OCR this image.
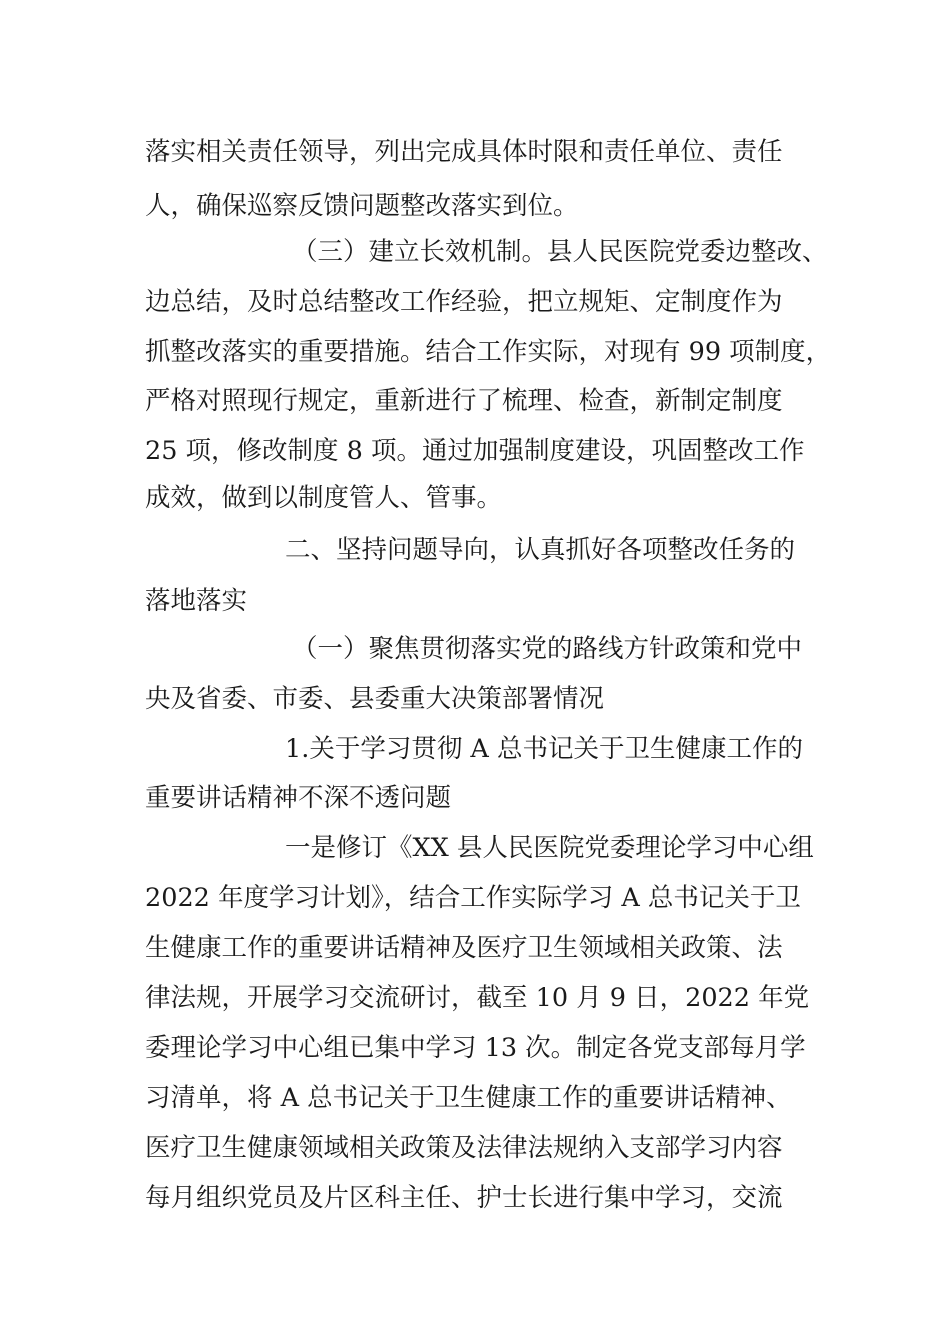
落实相关责任领导，列出完成具体时限和责任单位、责任

人，确保巡察反馈问题整改落实到位。

（三）建立长效机制。县人民医院党委边整改、

边总结，及时总结整改工作经验，把立规矩、定制度作为

抓整改落实的重要措施。结合工作实际，对现有 99 项制度，

严格对照现行规定，重新进行了梳理、检查，新制定制度

25 项，修改制度 8 项。通过加强制度建设，巩固整改工作

成效，做到以制度管人、管事。

二、坚持问题导向，认真抓好各项整改任务的

落地落实

（一）聚焦贯彻落实党的路线方针政策和党中

央及省委、市委、县委重大决策部署情况

1.关于学习贯彻 A 总书记关于卫生健康工作的

重要讲话精神不深不透问题

一是修订《XX 县人民医院党委理论学习中心组

2022 年度学习计划》，结合工作实际学习 A 总书记关于卫

生健康工作的重要讲话精神及医疗卫生领域相关政策、法

律法规，开展学习交流研讨，截至 10 月 9 日，2022 年党

委理论学习中心组已集中学习 13 次。制定各党支部每月学

习清单，将 A 总书记关于卫生健康工作的重要讲话精神、

医疗卫生健康领域相关政策及法律法规纳入支部学习内容

每月组织党员及片区科主任、护士长进行集中学习，交流
